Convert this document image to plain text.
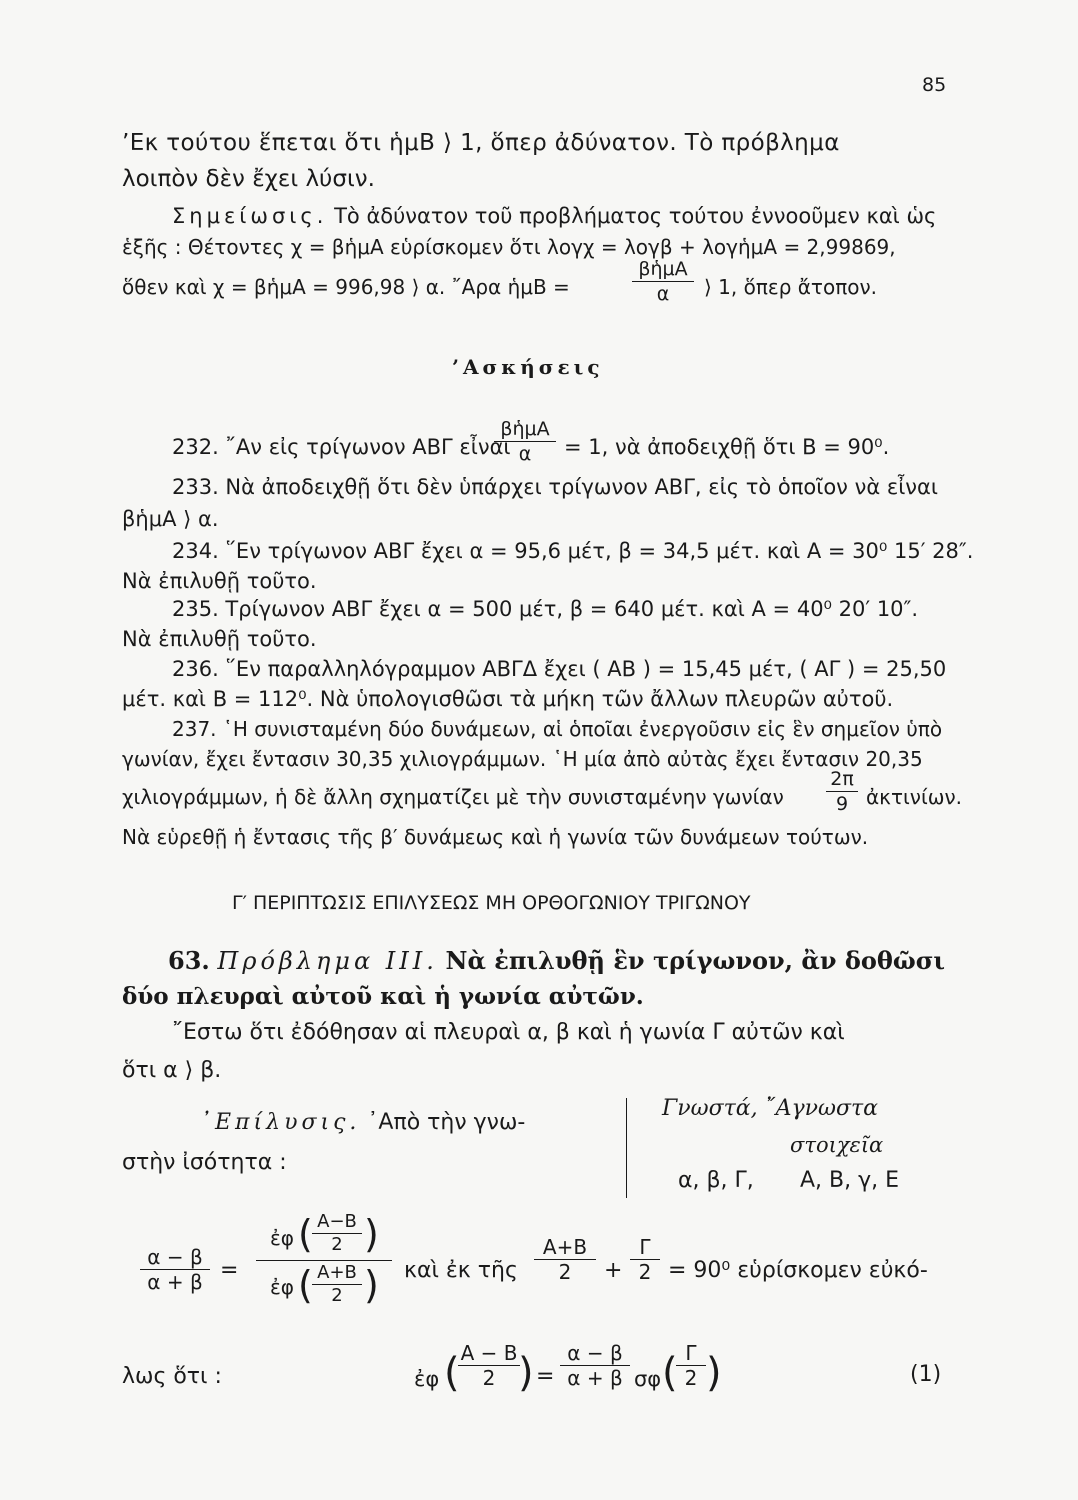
85
’Εκ τούτου ἕπεται ὅτι ἡμΒ ⟩ 1, ὅπερ ἀδύνατον. Τὸ πρόβλημα
λοιπὸν δὲν ἔχει λύσιν.
Σημείωσις. Τὸ ἀδύνατον τοῦ προβλήματος τούτου ἐννοοῦμεν καὶ ὡς
ἑξῆς : Θέτοντες χ = βἡμΑ εὑρίσκομεν ὅτι λογχ = λογβ + λογἡμΑ = 2,99869,
ὅθεν καὶ χ = βἡμΑ = 996,98 ⟩ α. ῎Αρα ἡμΒ =
βἡμΑ
α	⟩ 1, ὅπερ ἄτοπον.
’Ασκήσεις
232. ῎Αν εἰς τρίγωνον ΑΒΓ εἶναι
βἡμΑ
α	= 1, νὰ ἀποδειχθῇ ὅτι Β = 90⁰.
233. Νὰ ἀποδειχθῇ ὅτι δὲν ὑπάρχει τρίγωνον ΑΒΓ, εἰς τὸ ὁποῖον νὰ εἶναι
βἡμΑ ⟩ α.
234. ῞Εν τρίγωνον ΑΒΓ ἔχει α = 95,6 μέτ, β = 34,5 μέτ. καὶ Α = 30⁰ 15′ 28″.
Νὰ ἐπιλυθῇ τοῦτο.
235. Τρίγωνον ΑΒΓ ἔχει α = 500 μέτ, β = 640 μέτ. καὶ Α = 40⁰ 20′ 10″.
Νὰ ἐπιλυθῇ τοῦτο.
236. ῞Εν παραλληλόγραμμον ΑΒΓΔ ἔχει ( ΑΒ ) = 15,45 μέτ, ( ΑΓ ) = 25,50
μέτ. καὶ Β = 112⁰. Νὰ ὑπολογισθῶσι τὰ μήκη τῶν ἄλλων πλευρῶν αὐτοῦ.
237. ῾Η συνισταμένη δύο δυνάμεων, αἱ ὁποῖαι ἐνεργοῦσιν εἰς ἓν σημεῖον ὑπὸ
γωνίαν, ἔχει ἔντασιν 30,35 χιλιογράμμων. ῾Η μία ἀπὸ αὐτὰς ἔχει ἔντασιν 20,35
χιλιογράμμων, ἡ δὲ ἄλλη σχηματίζει μὲ τὴν συνισταμένην γωνίαν
2π
9 ἀκτινίων.
Νὰ εὑρεθῇ ἡ ἔντασις τῆς β′ δυνάμεως καὶ ἡ γωνία τῶν δυνάμεων τούτων.
Γ′ ΠΕΡΙΠΤΩΣΙΣ ΕΠΙΛΥΣΕΩΣ ΜΗ ΟΡΘΟΓΩΝΙΟΥ ΤΡΙΓΩΝΟΥ
63. Πρόβλημα ΙΙΙ. Νὰ ἐπιλυθῇ ἓν τρίγωνον, ἂν δοθῶσι
δύο πλευραὶ αὐτοῦ καὶ ἡ γωνία αὐτῶν.
῎Εστω ὅτι ἐδόθησαν αἱ πλευραὶ α, β καὶ ἡ γωνία Γ αὐτῶν καὶ
ὅτι α ⟩ β.
᾿Επίλυσις. ᾿Απὸ τὴν γνω-
στὴν ἰσότητα :
Γνωστά, ῎Αγνωστα
στοιχεῖα
α, β, Γ, Α, Β, γ, Ε
α − β
α + β =
ἐφ ( Α−Β
2 )
ἐφ ( Α+Β
2 ) καὶ ἐκ τῆς
Α+Β
2	+
Γ
2 = 90⁰ εὑρίσκομεν εὐκό-
λως ὅτι :	ἐφ ( Α − Β
2 ) =
α − β
α + β σφ ( Γ
2 )	(1)
